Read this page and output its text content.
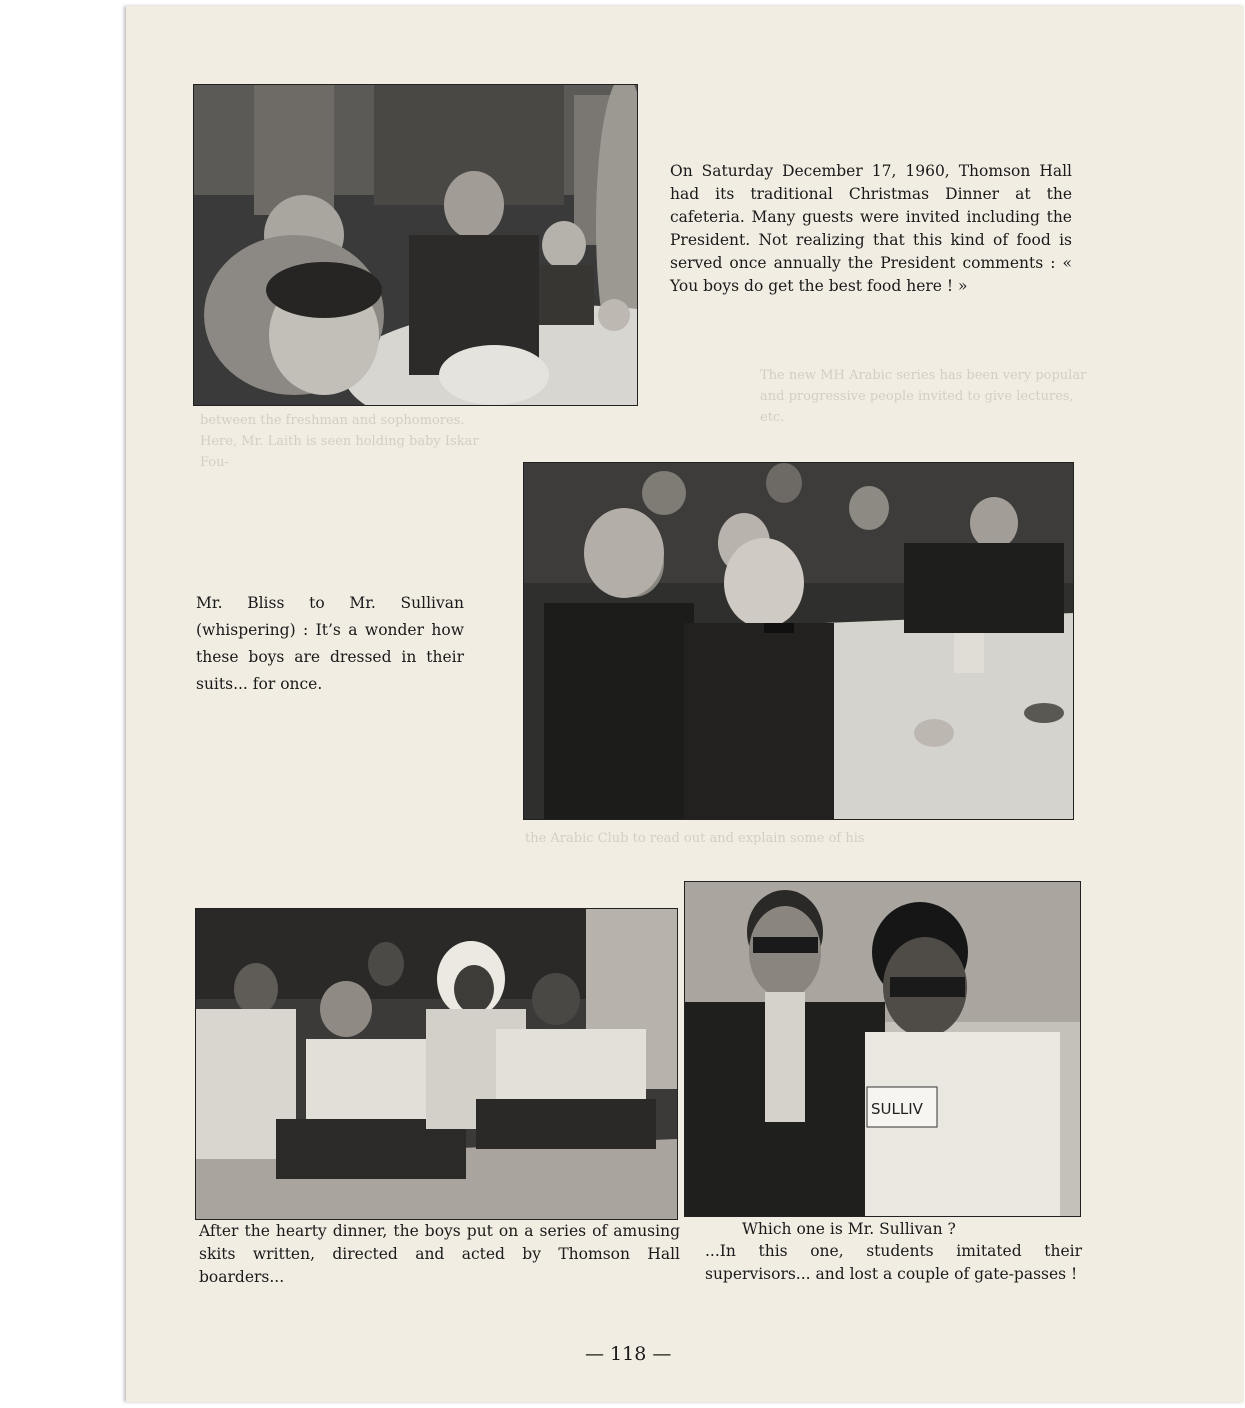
between the freshman and sophomores. Here, Mr. Laith is seen holding baby Iskar Fou-
The new MH Arabic series has been very popular and progressive people invited to give lectures, etc.
the Arabic Club to read out and explain some of his
On Saturday December 17, 1960, Thomson Hall had its traditional Christmas Dinner at the cafeteria. Many guests were invited including the President. Not realizing that this kind of food is served once annually the President comments : « You boys do get the best food here ! »
Mr. Bliss to Mr. Sullivan (whispering) : It’s a wonder how these boys are dressed in their suits... for once.
After the hearty dinner, the boys put on a series of amusing skits written, directed and acted by Thomson Hall boarders...
SULLIV
Which one is Mr. Sullivan ?
...In this one, students imitated their supervisors... and lost a couple of gate-passes !
— 118 —
